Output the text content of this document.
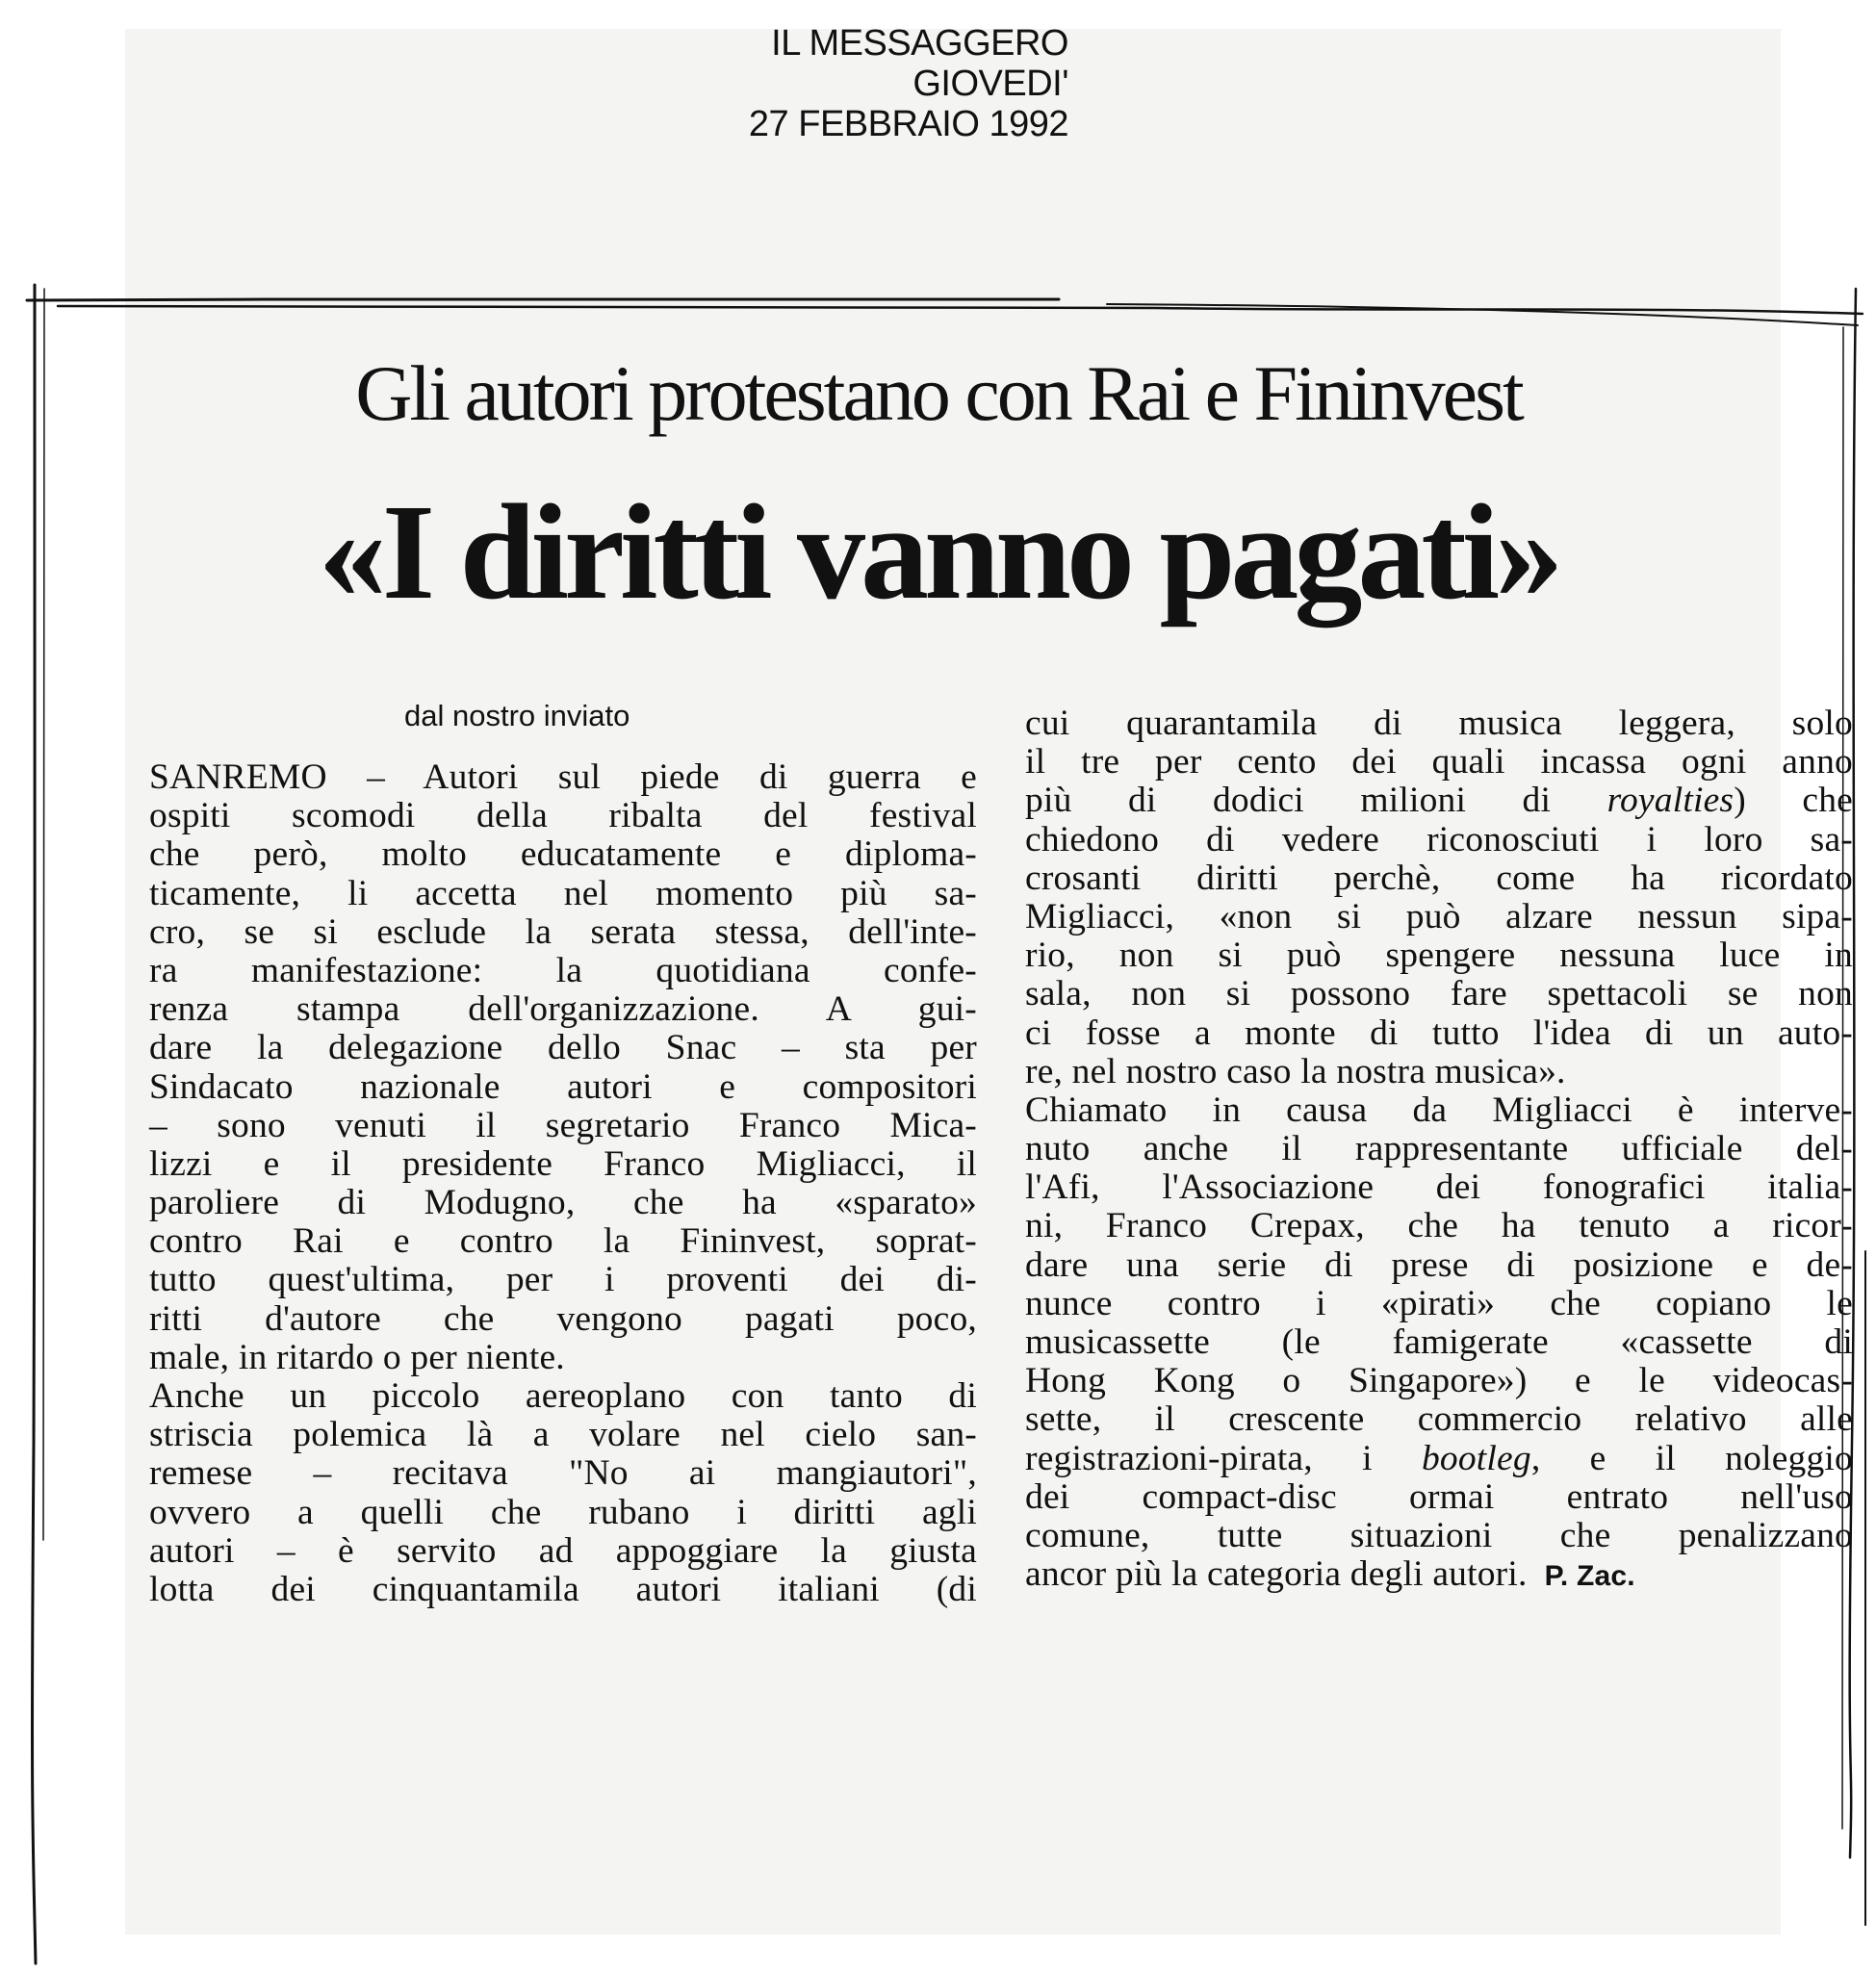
IL MESSAGGERO
GIOVEDI'
27 FEBBRAIO 1992
Gli autori protestano con Rai e Fininvest
«I diritti vanno pagati»
dal nostro inviato
SANREMO – Autori sul piede di guerra e
ospiti scomodi della ribalta del festival
che però, molto educatamente e diploma-
ticamente, li accetta nel momento più sa-
cro, se si esclude la serata stessa, dell'inte-
ra manifestazione: la quotidiana confe-
renza stampa dell'organizzazione. A gui-
dare la delegazione dello Snac – sta per
Sindacato nazionale autori e compositori
– sono venuti il segretario Franco Mica-
lizzi e il presidente Franco Migliacci, il
paroliere di Modugno, che ha «sparato»
contro Rai e contro la Fininvest, soprat-
tutto quest'ultima, per i proventi dei di-
ritti d'autore che vengono pagati poco,
male, in ritardo o per niente.
Anche un piccolo aereoplano con tanto di
striscia polemica là a volare nel cielo san-
remese – recitava "No ai mangiautori",
ovvero a quelli che rubano i diritti agli
autori – è servito ad appoggiare la giusta
lotta dei cinquantamila autori italiani (di
cui quarantamila di musica leggera, solo
il tre per cento dei quali incassa ogni anno
più di dodici milioni di royalties) che
chiedono di vedere riconosciuti i loro sa-
crosanti diritti perchè, come ha ricordato
Migliacci, «non si può alzare nessun sipa-
rio, non si può spengere nessuna luce in
sala, non si possono fare spettacoli se non
ci fosse a monte di tutto l'idea di un auto-
re, nel nostro caso la nostra musica».
Chiamato in causa da Migliacci è interve-
nuto anche il rappresentante ufficiale del-
l'Afi, l'Associazione dei fonografici italia-
ni, Franco Crepax, che ha tenuto a ricor-
dare una serie di prese di posizione e de-
nunce contro i «pirati» che copiano le
musicassette (le famigerate «cassette di
Hong Kong o Singapore») e le videocas-
sette, il crescente commercio relativo alle
registrazioni-pirata, i bootleg, e il noleggio
dei compact-disc ormai entrato nell'uso
comune, tutte situazioni che penalizzano
ancor più la categoria degli autori. P. Zac.
